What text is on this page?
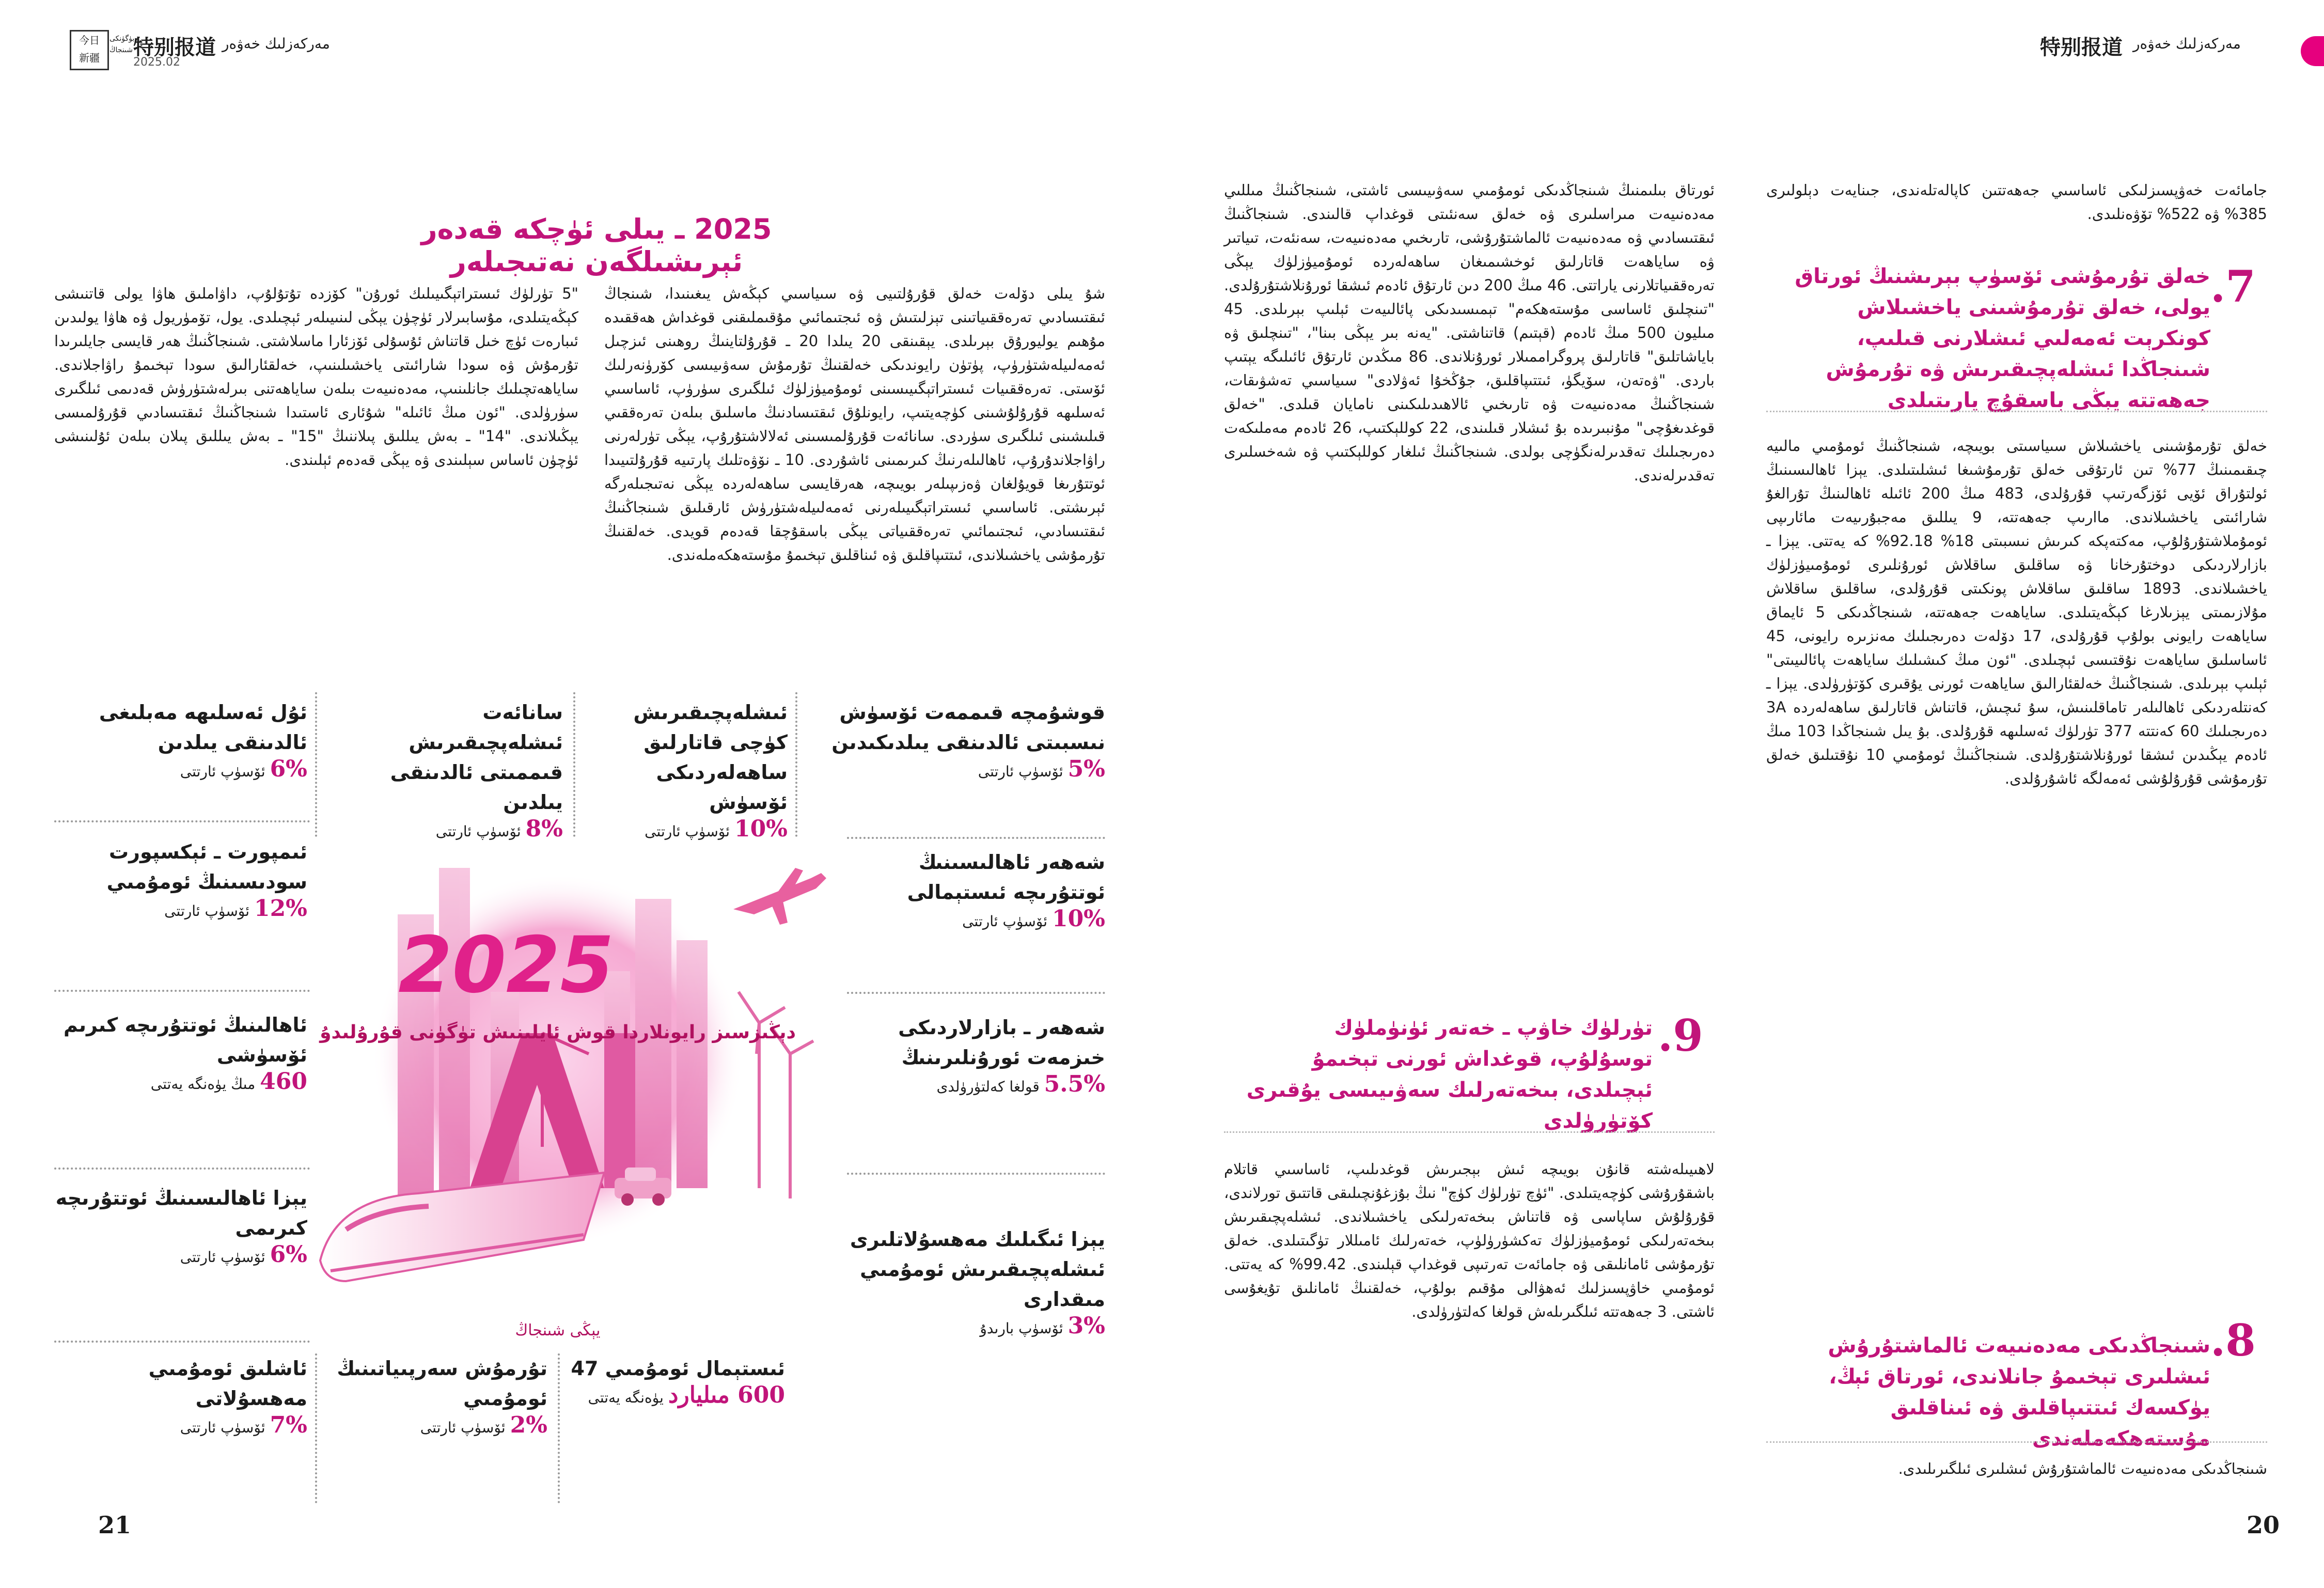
今日
新疆
بۈگۈنكى
شىنجاڭ 特别报道
2025.02
مەركەزلىك خەۋەر
2025 ـ يىلى ئۈچكە قەدەر ئېرىشىلگەن نەتىجىلەر
شۇ يىلى دۆلەت خەلق قۇرۇلتىيى ۋە سىياسىي كېڭەش يىغىنىدا، شىنجاڭ ئىقتىسادىي تەرەققىياتىنى تېزلىتىش ۋە ئىجتىمائىي مۇقىملىقنى قوغداش ھەققىدە مۇھىم يوليورۇق بېرىلدى. يېقىنقى 20 يىلدا 20 ـ قۇرۇلتاينىڭ روھىنى ئىزچىل ئەمەلىيلەشتۈرۈپ، پۈتۈن رايوندىكى خەلقنىڭ تۇرمۇش سەۋىيىسى كۆرۈنەرلىك ئۆستى. تەرەققىيات ئىستراتېگىيىسىنى ئومۇميۈزلۈك ئىلگىرى سۈرۈپ، ئاساسىي ئەسلىھە قۇرۇلۇشىنى كۈچەيتىپ، رايونلۇق ئىقتىسادنىڭ ماسلىق بىلەن تەرەققىي قىلىشىنى ئىلگىرى سۈردى. سانائەت قۇرۇلمىسىنى ئەلالاشتۇرۇپ، يېڭى تۈرلەرنى راۋاجلاندۇرۇپ، ئاھالىلەرنىڭ كىرىمىنى ئاشۇردى. 10 ـ نۆۋەتلىك پارتىيە قۇرۇلتىيىدا ئوتتۇرىغا قويۇلغان ۋەزىپىلەر بويىچە، ھەرقايسى ساھەلەردە يېڭى نەتىجىلەرگە ئېرىشتى. ئاساسىي ئىستراتېگىيىلەرنى ئەمەلىيلەشتۈرۈش ئارقىلىق شىنجاڭنىڭ ئىقتىسادىي، ئىجتىمائىي تەرەققىياتى يېڭى باسقۇچقا قەدەم قويدى. خەلقنىڭ تۇرمۇشى ياخشىلاندى، ئىتتىپاقلىق ۋە ئىناقلىق تېخىمۇ مۇستەھكەملەندى.
"5 تۈرلۈك ئىستراتېگىيىلىك ئورۇن" كۆزدە تۇتۇلۇپ، داۋاملىق ھاۋا يولى قاتنىشى كېڭەيتىلدى، مۇسابىرلار ئۈچۈن يېڭى لىنىيىلەر ئېچىلدى. يول، تۆمۈريول ۋە ھاۋا يولىدىن ئىبارەت ئۈچ خىل قاتناش ئۇسۇلى ئۆزئارا ماسلاشتى. شىنجاڭنىڭ ھەر قايسى جايلىرىدا تۇرمۇش ۋە سودا شارائىتى ياخشىلىنىپ، خەلقئارالىق سودا تېخىمۇ راۋاجلاندى. ساياھەتچىلىك جانلىنىپ، مەدەنىيەت بىلەن ساياھەتنى بىرلەشتۈرۈش قەدىمى ئىلگىرى سۈرۈلدى. "ئون مىڭ ئائىلە" شۇئارى ئاستىدا شىنجاڭنىڭ ئىقتىسادىي قۇرۇلمىسى يېڭىلاندى. "14" ـ بەش يىللىق پىلاننىڭ "15" ـ بەش يىللىق پىلان بىلەن ئۇلىنىشى ئۈچۈن ئاساس سېلىندى ۋە يېڭى قەدەم ئېلىندى.
قوشۇمچە قىممەت ئۆسۈش نىسبىتى ئالدىنقى يىلدىكىدىن
5% ئۆسۈپ ئارتتى
ئىشلەپچىقىرىش كۈچى قاتارلىق ساھەلەردىكى ئۆسۈش
10% ئۆسۈپ ئارتتى
سانائەت ئىشلەپچىقىرىش قىممىتى ئالدىنقى يىلدىن
8% ئۆسۈپ ئارتتى
ئۇل ئەسلىھە مەبلىغى ئالدىنقى يىلدىن
6% ئۆسۈپ ئارتتى
ئىمپورت ـ ئېكسپورت سودىسىنىڭ ئومۇمىي
12% ئۆسۈپ ئارتتى
ئاھالىنىڭ ئوتتۇرىچە كىرىم ئۆسۈشى
460 مىڭ يۈەنگە يەتتى
يېزا ئاھالىسىنىڭ ئوتتۇرىچە كىرىمى
6% ئۆسۈپ ئارتتى
ئاشلىق ئومۇمىي مەھسۇلاتى
7% ئۆسۈپ ئارتتى
شەھەر ئاھالىسىنىڭ ئوتتۇرىچە ئىستېمالى
10% ئۆسۈپ ئارتتى
شەھەر ـ بازارلاردىكى خىزمەت ئورۇنلىرىنىڭ
5.5% قولغا كەلتۈرۈلدى
يېزا ئىگىلىك مەھسۇلاتلىرى ئىشلەپچىقىرىش ئومۇمىي مىقدارى
3% ئۆسۈپ بارىدۇ
تۇرمۇش سەرپىياتىنىڭ ئومۇمىي
2% ئۆسۈپ ئارتتى
ئىستېمال ئومۇمىي 47
600 مىليارد يۈەنگە يەتتى
2025
دېڭىزسىز رايونلاردا قوش ئايلىنىش تۈگۈنى قۇرۇلىدۇ
يېڭى شىنجاڭ
21
مەركەزلىك خەۋەر
特别报道
جامائەت خەۋپسىزلىكى ئاساسىي جەھەتتىن كاپالەتلەندى، جىنايەت دېلولىرى 385% ۋە 522% تۆۋەنلىدى.
.7
خەلق تۇرمۇشى ئۆسۈپ بېرىشنىڭ ئورتاق يولى، خەلق تۇرمۇشىنى ياخشىلاش كونكرېت ئەمەلىي ئىشلارنى قىلىپ، شىنجاڭدا ئىشلەپچىقىرىش ۋە تۇرمۇش جەھەتتە يېڭى باسقۇچ يارىتىلدى
خەلق تۇرمۇشىنى ياخشىلاش سىياسىتى بويىچە، شىنجاڭنىڭ ئومۇمىي مالىيە چىقىمىنىڭ 77% تىن ئارتۇقى خەلق تۇرمۇشىغا ئىشلىتىلدى. يېزا ئاھالىسىنىڭ ئولتۇراق ئۆيى ئۆزگەرتىپ قۇرۇلدى، 483 مىڭ 200 ئائىلە ئاھالىنىڭ تۇرالغۇ شارائىتى ياخشىلاندى. ماارىپ جەھەتتە، 9 يىللىق مەجبۇرىيەت مائارىپى ئومۇملاشتۇرۇلۇپ، مەكتەپكە كىرىش نىسبىتى 18% 92.18% كە يەتتى. يېزا ـ بازارلاردىكى دوختۇرخانا ۋە ساقلىق ساقلاش ئورۇنلىرى ئومۇمىيۈزلۈك ياخشىلاندى. 1893 ساقلىق ساقلاش پونكىتى قۇرۇلدى، ساقلىق ساقلاش مۇلازىمىتى يېزىلارغا كېڭەيتىلدى. ساياھەت جەھەتتە، شىنجاڭدىكى 5 ئايماق ساياھەت رايونى بولۇپ قۇرۇلدى، 17 دۆلەت دەرىجىلىك مەنزىرە رايونى، 45 ئاساسلىق ساياھەت نۇقتىسى ئېچىلدى. "ئون مىڭ كىشىلىك ساياھەت پائالىيىتى" ئېلىپ بېرىلدى. شىنجاڭنىڭ خەلقئارالىق ساياھەت ئورنى يۇقىرى كۆتۈرۈلدى. يېزا ـ كەنتلەردىكى ئاھالىلەر تاماقلىنىش، سۇ ئىچىش، قاتناش قاتارلىق ساھەلەردە 3A دەرىجىلىك 60 كەنتتە 377 تۈرلۈك ئەسلىھە قۇرۇلدى. بۇ يىل شىنجاڭدا 103 مىڭ ئادەم يېڭىدىن ئىشقا ئورۇنلاشتۇرۇلدى. شىنجاڭنىڭ ئومۇمىي 10 نۇقتىلىق خەلق تۇرمۇشى قۇرۇلۇشى ئەمەلگە ئاشۇرۇلدى.
.8
شىنجاڭدىكى مەدەنىيەت ئالماشتۇرۇش ئىشلىرى تېخىمۇ جانلاندى، ئورتاق ئېڭ، يۈكسەك ئىتتىپاقلىق ۋە ئىناقلىق مۇستەھكەملەندى
شىنجاڭدىكى مەدەنىيەت ئالماشتۇرۇش ئىشلىرى ئىلگىرىلىدى.
ئورتاق بىلىمنىڭ شىنجاڭدىكى ئومۇمىي سەۋىيىسى ئاشتى، شىنجاڭنىڭ مىللىي مەدەنىيەت مىراسلىرى ۋە خەلق سەنئىتى قوغداپ قالىندى. شىنجاڭنىڭ ئىقتىسادىي ۋە مەدەنىيەت ئالماشتۇرۇشى، تارىخىي مەدەنىيەت، سەنئەت، تىياتىر ۋە ساياھەت قاتارلىق ئوخشىمىغان ساھەلەردە ئومۇميۈزلۈك يېڭى تەرەققىياتلارنى ياراتتى. 46 مىڭ 200 دىن ئارتۇق ئادەم ئىشقا ئورۇنلاشتۇرۇلدى. "تىنچلىق ئاساسى مۇستەھكەم" تېمىسىدىكى پائالىيەت ئېلىپ بېرىلدى. 45 مىليون 500 مىڭ ئادەم (قېتىم) قاتناشتى. "يەنە بىر يېڭى بىنا"، "تىنچلىق ۋە باياشاتلىق" قاتارلىق پروگراممىلار ئورۇنلاندى. 86 مىڭدىن ئارتۇق ئائىلىگە يېتىپ باردى. "ۋەتەن، سۆيگۈ، ئىتتىپاقلىق، جۇڭخۇا ئەۋلادى" سىياسىي تەشۋىقات، شىنجاڭنىڭ مەدەنىيەت ۋە تارىخىي ئالاھىدىلىكىنى نامايان قىلدى. "خەلق قوغدىغۇچى" مۇنبىرىدە بۇ ئىشلار قىلىندى، 22 كوللېكتىپ، 26 ئادەم مەملىكەت دەرىجىلىك تەقدىرلەنگۈچى بولدى. شىنجاڭنىڭ ئىلغار كوللېكتىپ ۋە شەخسلىرى تەقدىرلەندى.
.9
تۈرلۈك خاۋپ ـ خەتەر ئۈنۈملۈك توسۇلۇپ، قوغداش ئورنى تېخىمۇ ئېچىلدى، بىخەتەرلىك سەۋىيىسى يۇقىرى كۆتۈرۈلدى
لاھىيىلەشتە قانۇن بويىچە ئىش بېجىرىش قوغدىلىپ، ئاساسىي قاتلام باشقۇرۇشى كۈچەيتىلدى. "ئۈچ تۈرلۈك كۈچ" نىڭ بۇزغۇنچىلىقى قاتتىق تورلاندى، قۇرۇلۇش ساپاسى ۋە قاتناش بىخەتەرلىكى ياخشىلاندى. ئىشلەپچىقىرىش بىخەتەرلىكى ئومۇميۈزلۈك تەكشۈرۈلۈپ، خەتەرلىك ئامىللار تۈگىتىلدى. خەلق تۇرمۇشى ئامانلىقى ۋە جامائەت تەرتىپى قوغداپ قېلىندى. 99.42% كە يەتتى. ئومۇمىي خاۋپسىزلىك ئەھۋالى مۇقىم بولۇپ، خەلقنىڭ ئامانلىق تۇيغۇسى ئاشتى. 3 جەھەتتە ئىلگىرىلەش قولغا كەلتۈرۈلدى.
20
